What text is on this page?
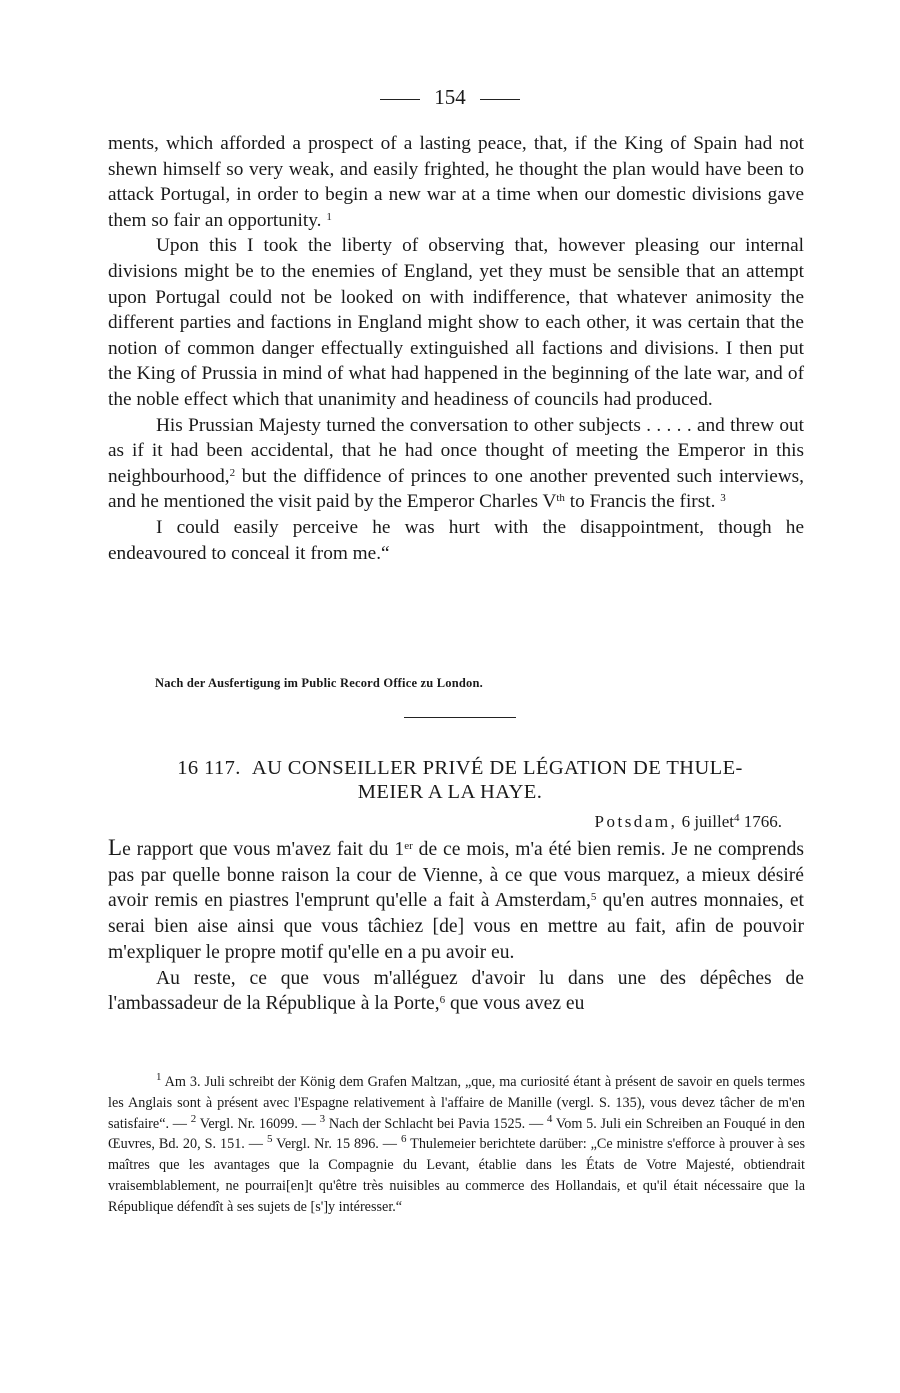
154

ments, which afforded a prospect of a lasting peace, that, if the King of Spain had not shewn himself so very weak, and easily frighted, he thought the plan would have been to attack Portugal, in order to begin a new war at a time when our domestic divisions gave them so fair an opportunity. $^1$

Upon this I took the liberty of observing that, however pleasing our internal divisions might be to the enemies of England, yet they must be sensible that an attempt upon Portugal could not be looked on with indifference, that whatever animosity the different parties and factions in England might show to each other, it was certain that the notion of common danger effectually extinguished all factions and divisions. I then put the King of Prussia in mind of what had happened in the beginning of the late war, and of the noble effect which that unanimity and headiness of councils had produced.

His Prussian Majesty turned the conversation to other subjects . . . . . and threw out as if it had been accidental, that he had once thought of meeting the Emperor in this neighbourhood,$^2$ but the diffidence of princes to one another prevented such interviews, and he mentioned the visit paid by the Emperor Charles Vth to Francis the first. $^3$

I could easily perceive he was hurt with the disappointment, though he endeavoured to conceal it from me.“

Nach der Ausfertigung im Public Record Office zu London.
16 117. AU CONSEILLER PRIVÉ DE LÉGATION DE THULE-
MEIER A LA HAYE.
Potsdam, 6 juillet$^4$ 1766.

Le rapport que vous m'avez fait du 1er de ce mois, m'a été bien remis. Je ne comprends pas par quelle bonne raison la cour de Vienne, à ce que vous marquez, a mieux désiré avoir remis en piastres l'emprunt qu'elle a fait à Amsterdam,$^5$ qu'en autres monnaies, et serai bien aise ainsi que vous tâchiez [de] vous en mettre au fait, afin de pouvoir m'expliquer le propre motif qu'elle en a pu avoir eu.

Au reste, ce que vous m'alléguez d'avoir lu dans une des dépêches de l'ambassadeur de la République à la Porte,$^6$ que vous avez eu

$^1$ Am 3. Juli schreibt der König dem Grafen Maltzan, „que, ma curiosité étant à présent de savoir en quels termes les Anglais sont à présent avec l'Espagne relativement à l'affaire de Manille (vergl. S. 135), vous devez tâcher de m'en satisfaire“. — $^2$ Vergl. Nr. 16099. — $^3$ Nach der Schlacht bei Pavia 1525. — $^4$ Vom 5. Juli ein Schreiben an Fouqué in den Œuvres, Bd. 20, S. 151. — $^5$ Vergl. Nr. 15 896. — $^6$ Thulemeier berichtete darüber: „Ce ministre s'efforce à prouver à ses maîtres que les avantages que la Compagnie du Levant, établie dans les États de Votre Majesté, obtiendrait vraisemblablement, ne pourrai[en]t qu'être très nuisibles au commerce des Hollandais, et qu'il était nécessaire que la République défendît à ses sujets de [s']y intéresser.“
